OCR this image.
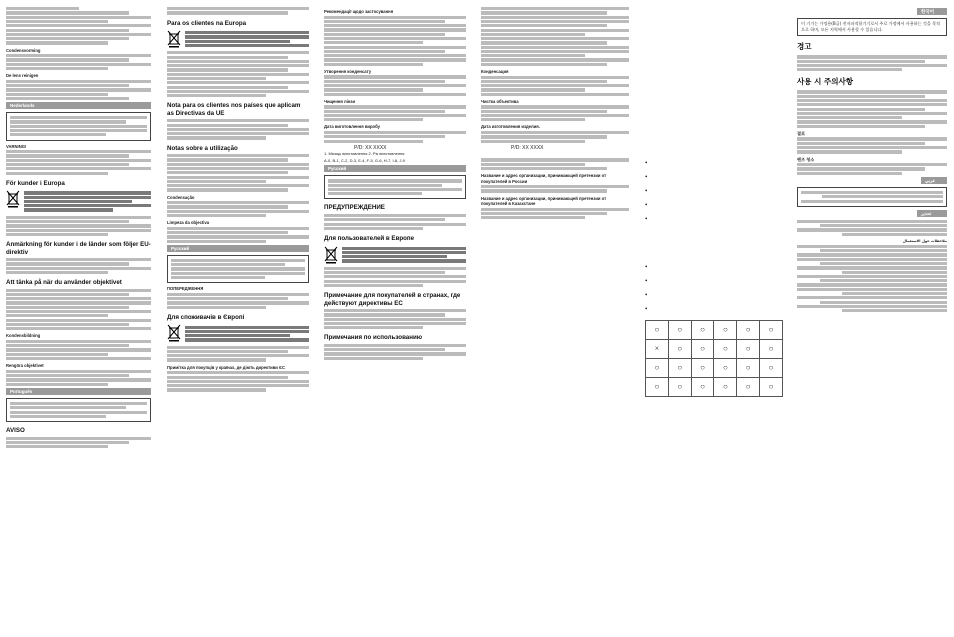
Condensvorming
De lens reinigen
Nederlands
VARNING!
För kunder i Europa
Anmärkning för kunder i de länder som följer EU-direktiv
Att tänka på när du använder objektivet
Kondensbildning
Rengöra objektivet
Português
AVISO
Para os clientes na Europa
Nota para os clientes nos países que aplicam as Directivas da UE
Notas sobre a utilização
Condensação
Limpeza da objectiva
Русский
ПОПЕРЕДЖЕННЯ
Для споживачів в Європі
Примітка для покупців у країнах, де діють директиви ЄС
Рекомендації щодо застосування
Утворення конденсату
Чищення лінзи
Дата виготовлення виробу
P/D: XX XXXX
1. Місяць виготовлення 2. Рік виготовлення
A-0, B-1, C-2, D-3, E-4, F-5, G-6, H-7, I-8, J-9
Русский
ПРЕДУПРЕЖДЕНИЕ
Для пользователей в Европе
Примечание для покупателей в странах, где действуют директивы ЕС
Примечания по использованию
Конденсация
Чистка объектива
Дата изготовления изделия.
P/D: XX XXXX
Название и адрес организации, принимающей претензии от покупателей в России
Название и адрес организации, принимающей претензии от покупателей в Казахстане
•
•
•
•
•
•
•
•
•
○	○	○	○	○	○
×	○	○	○	○	○
○	○	○	○	○	○
○	○	○	○	○	○
한국어
이 기기는 가정용(B급) 전자파적합기기로서 주로 가정에서 사용하는 것을 목적으로 하며, 모든 지역에서 사용할 수 있습니다.
경고
사용 시 주의사항
결로
렌즈 청소
عربي
تحذير
ملاحظات حول الاستعمال
